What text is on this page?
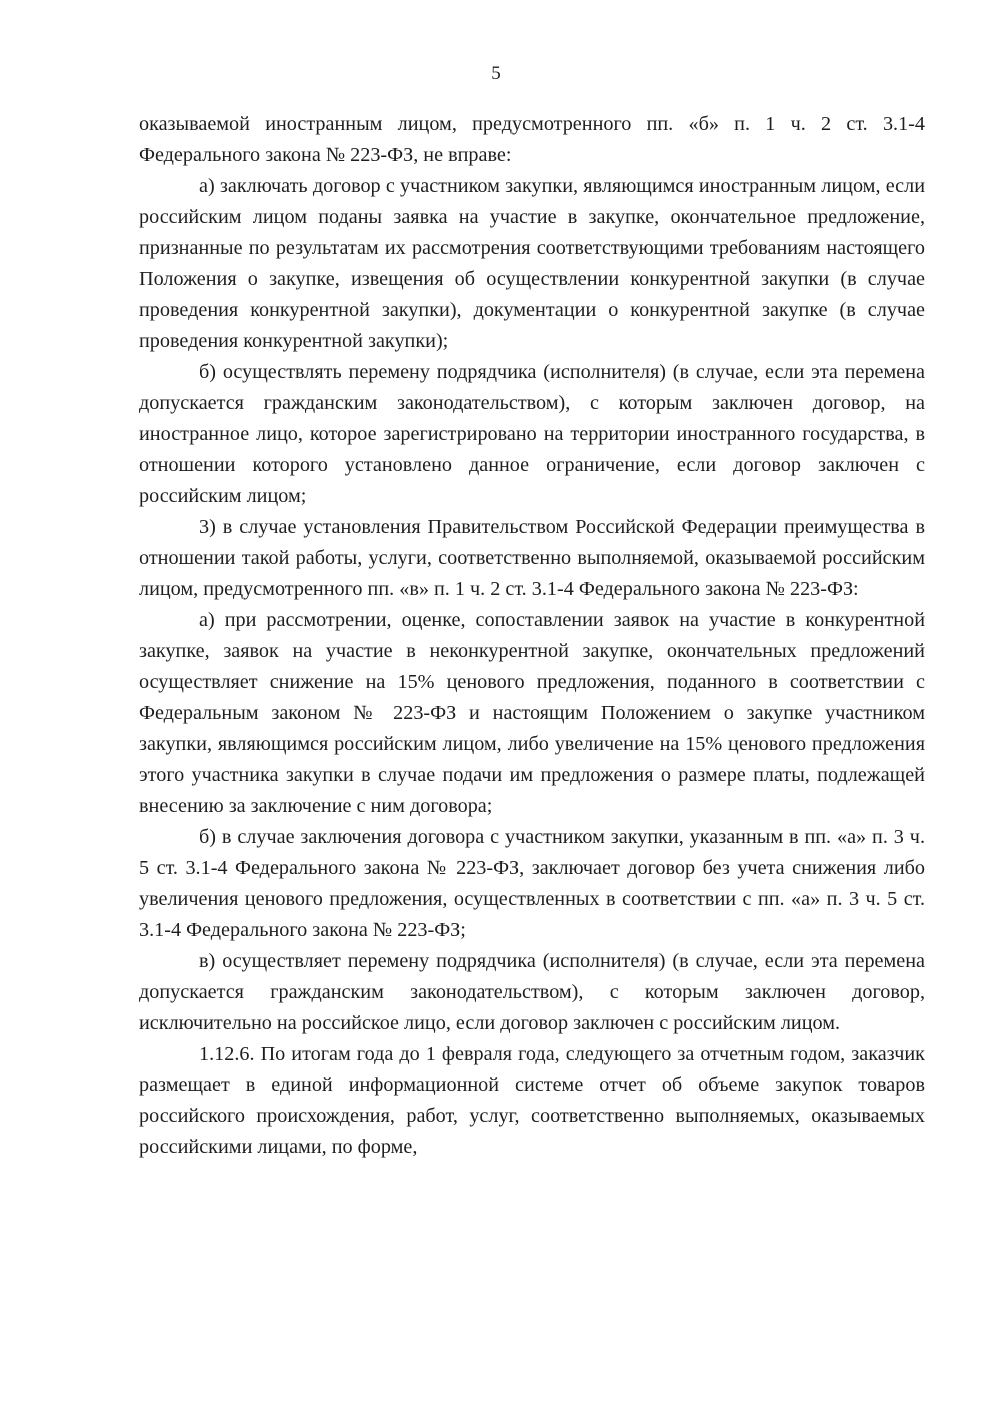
5

оказываемой иностранным лицом, предусмотренного пп. «б» п. 1 ч. 2 ст. 3.1-4 Федерального закона № 223-ФЗ, не вправе:

а) заключать договор с участником закупки, являющимся иностранным лицом, если российским лицом поданы заявка на участие в закупке, окончательное предложение, признанные по результатам их рассмотрения соответствующими требованиям настоящего Положения о закупке, извещения об осуществлении конкурентной закупки (в случае проведения конкурентной закупки), документации о конкурентной закупке (в случае проведения конкурентной закупки);

б) осуществлять перемену подрядчика (исполнителя) (в случае, если эта перемена допускается гражданским законодательством), с которым заключен договор, на иностранное лицо, которое зарегистрировано на территории иностранного государства, в отношении которого установлено данное ограничение, если договор заключен с российским лицом;

3) в случае установления Правительством Российской Федерации преимущества в отношении такой работы, услуги, соответственно выполняемой, оказываемой российским лицом, предусмотренного пп. «в» п. 1 ч. 2 ст. 3.1-4 Федерального закона № 223-ФЗ:

а) при рассмотрении, оценке, сопоставлении заявок на участие в конкурентной закупке, заявок на участие в неконкурентной закупке, окончательных предложений осуществляет снижение на 15% ценового предложения, поданного в соответствии с Федеральным законом № 223-ФЗ и настоящим Положением о закупке участником закупки, являющимся российским лицом, либо увеличение на 15% ценового предложения этого участника закупки в случае подачи им предложения о размере платы, подлежащей внесению за заключение с ним договора;

б) в случае заключения договора с участником закупки, указанным в пп. «а» п. 3 ч. 5 ст. 3.1-4 Федерального закона № 223-ФЗ, заключает договор без учета снижения либо увеличения ценового предложения, осуществленных в соответствии с пп. «а» п. 3 ч. 5 ст. 3.1-4 Федерального закона № 223-ФЗ;

в) осуществляет перемену подрядчика (исполнителя) (в случае, если эта перемена допускается гражданским законодательством), с которым заключен договор, исключительно на российское лицо, если договор заключен с российским лицом.

1.12.6. По итогам года до 1 февраля года, следующего за отчетным годом, заказчик размещает в единой информационной системе отчет об объеме закупок товаров российского происхождения, работ, услуг, соответственно выполняемых, оказываемых российскими лицами, по форме,
